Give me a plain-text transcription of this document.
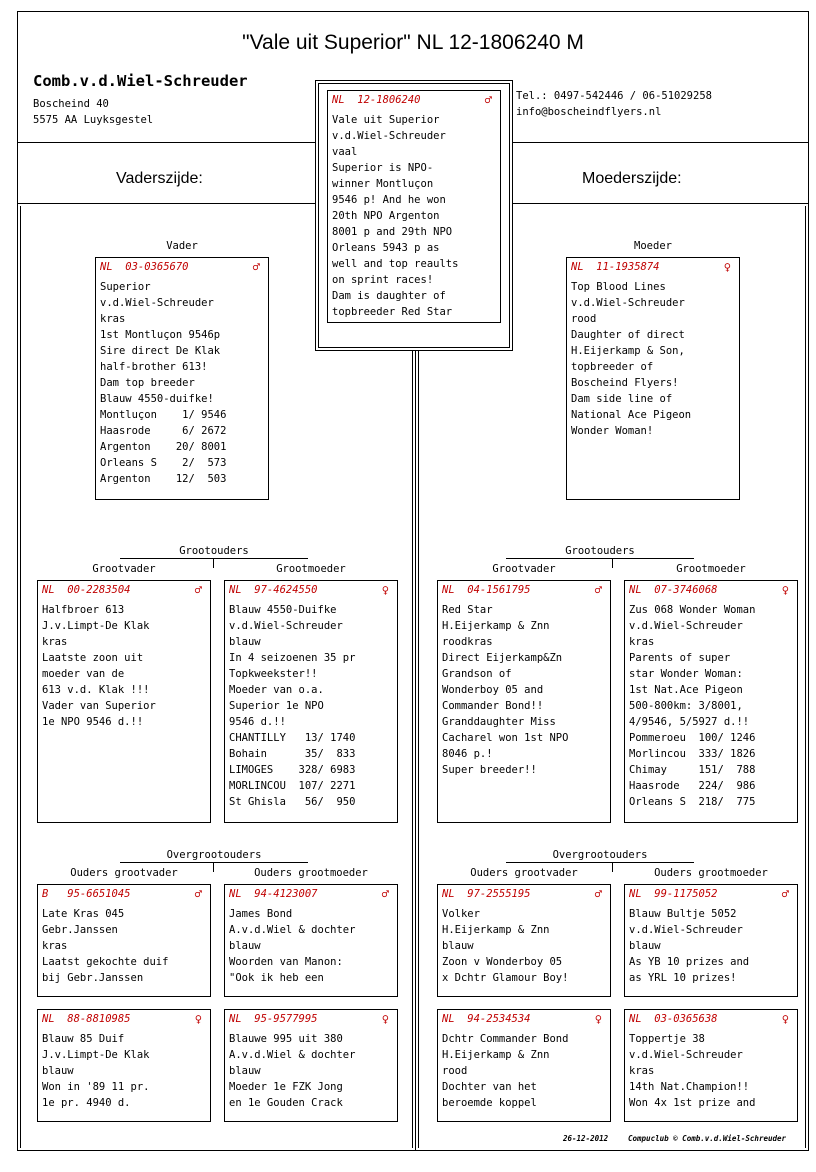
"Vale uit Superior" NL 12-1806240 M
Comb.v.d.Wiel-Schreuder
Boscheind 40
5575 AA Luyksgestel
Tel.: 0497-542446 / 06-51029258
info@boscheindflyers.nl
Vaderszijde:	Moederszijde:
NL  12-1806240	♂
Vale uit Superior
v.d.Wiel-Schreuder
vaal
Superior is NPO-
winner Montluçon
9546 p! And he won
20th NPO Argenton
8001 p and 29th NPO
Orleans 5943 p as
well and top reaults
on sprint races!
Dam is daughter of
topbreeder Red Star
Vader
NL  03-0365670	♂
Superior
v.d.Wiel-Schreuder
kras
1st Montluçon 9546p
Sire direct De Klak
half-brother 613!
Dam top breeder
Blauw 4550-duifke!
Montluçon    1/ 9546
Haasrode     6/ 2672
Argenton    20/ 8001
Orleans S    2/  573
Argenton    12/  503
Moeder
NL  11-1935874	♀
Top Blood Lines
v.d.Wiel-Schreuder
rood
Daughter of direct
H.Eijerkamp & Son,
topbreeder of
Boscheind Flyers!
Dam side line of
National Ace Pigeon
Wonder Woman!
Grootouders
Grootvader	Grootmoeder
NL  00-2283504	♂
Halfbroer 613
J.v.Limpt-De Klak
kras
Laatste zoon uit
moeder van de
613 v.d. Klak !!!
Vader van Superior
1e NPO 9546 d.!!
NL  97-4624550	♀
Blauw 4550-Duifke
v.d.Wiel-Schreuder
blauw
In 4 seizoenen 35 pr
Topkweekster!!
Moeder van o.a.
Superior 1e NPO
9546 d.!!
CHANTILLY   13/ 1740
Bohain      35/  833
LIMOGES    328/ 6983
MORLINCOU  107/ 2271
St Ghisla   56/  950
Grootouders
Grootvader	Grootmoeder
NL  04-1561795	♂
Red Star
H.Eijerkamp & Znn
roodkras
Direct Eijerkamp&Zn
Grandson of
Wonderboy 05 and
Commander Bond!!
Granddaughter Miss
Cacharel won 1st NPO
8046 p.!
Super breeder!!
NL  07-3746068	♀
Zus 068 Wonder Woman
v.d.Wiel-Schreuder
kras
Parents of super
star Wonder Woman:
1st Nat.Ace Pigeon
500-800km: 3/8001,
4/9546, 5/5927 d.!!
Pommeroeu  100/ 1246
Morlincou  333/ 1826
Chimay     151/  788
Haasrode   224/  986
Orleans S  218/  775
Overgrootouders
Ouders grootvader	Ouders grootmoeder
B   95-6651045	♂
Late Kras 045
Gebr.Janssen
kras
Laatst gekochte duif
bij Gebr.Janssen
NL  94-4123007	♂
James Bond
A.v.d.Wiel & dochter
blauw
Woorden van Manon:
"Ook ik heb een
NL  88-8810985	♀
Blauw 85 Duif
J.v.Limpt-De Klak
blauw
Won in '89 11 pr.
1e pr. 4940 d.
NL  95-9577995	♀
Blauwe 995 uit 380
A.v.d.Wiel & dochter
blauw
Moeder 1e FZK Jong
en 1e Gouden Crack
Overgrootouders
Ouders grootvader	Ouders grootmoeder
NL  97-2555195	♂
Volker
H.Eijerkamp & Znn
blauw
Zoon v Wonderboy 05
x Dchtr Glamour Boy!
NL  99-1175052	♂
Blauw Bultje 5052
v.d.Wiel-Schreuder
blauw
As YB 10 prizes and
as YRL 10 prizes!
NL  94-2534534	♀
Dchtr Commander Bond
H.Eijerkamp & Znn
rood
Dochter van het
beroemde koppel
NL  03-0365638	♀
Toppertje 38
v.d.Wiel-Schreuder
kras
14th Nat.Champion!!
Won 4x 1st prize and
26-12-2012	Compuclub © Comb.v.d.Wiel-Schreuder
